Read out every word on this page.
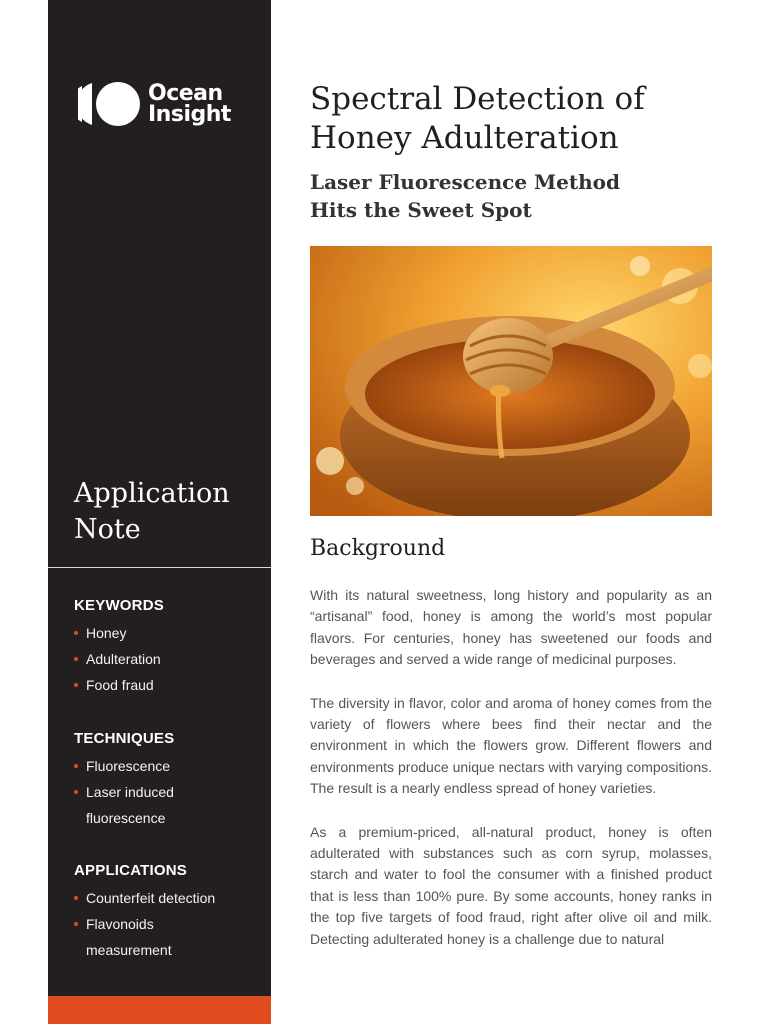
Ocean
Insight
Application
Note
KEYWORDS
Honey
Adulteration
Food fraud
TECHNIQUES
Fluorescence
Laser induced
fluorescence
APPLICATIONS
Counterfeit detection
Flavonoids
measurement
Spectral Detection of
Honey Adulteration
Laser Fluorescence Method
Hits the Sweet Spot
Background

With its natural sweetness, long history and popularity as an “artisanal” food, honey is among the world’s most popular flavors. For centuries, honey has sweetened our foods and beverages and served a wide range of medicinal purposes.

The diversity in flavor, color and aroma of honey comes from the variety of flowers where bees find their nectar and the environment in which the flowers grow. Different flowers and environments produce unique nectars with varying compositions. The result is a nearly endless spread of honey varieties.

As a premium-priced, all-natural product, honey is often adulterated with substances such as corn syrup, molasses, starch and water to fool the consumer with a finished product that is less than 100% pure. By some accounts, honey ranks in the top five targets of food fraud, right after olive oil and milk. Detecting adulterated honey is a challenge due to natural
